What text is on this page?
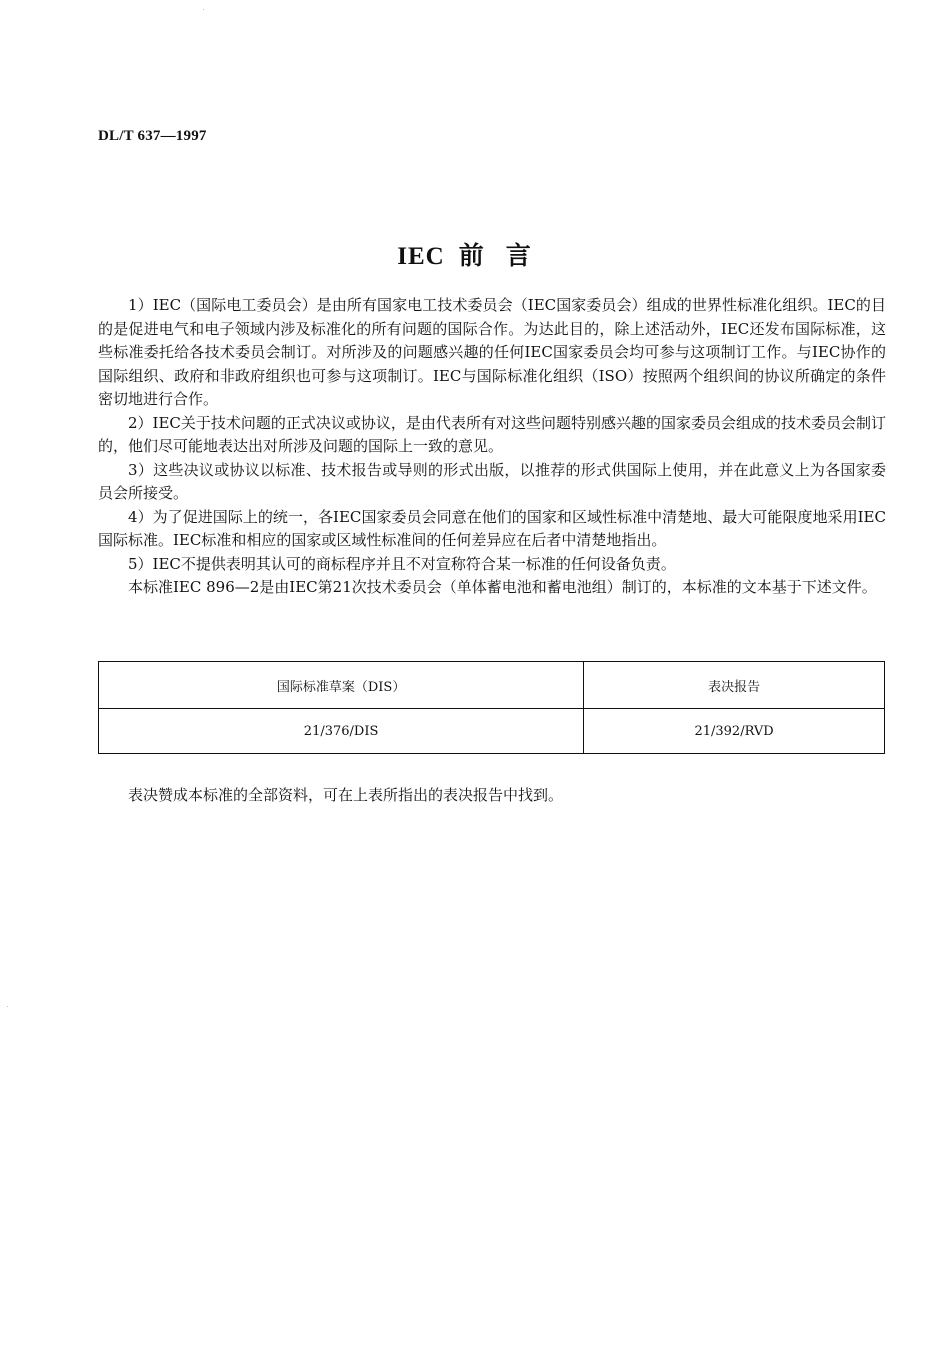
DL/T 637—1997
IEC 前言

1）IEC（国际电工委员会）是由所有国家电工技术委员会（IEC国家委员会）组成的世界性标准化组织。IEC的目的是促进电气和电子领域内涉及标准化的所有问题的国际合作。为达此目的，除上述活动外，IEC还发布国际标准，这些标准委托给各技术委员会制订。对所涉及的问题感兴趣的任何IEC国家委员会均可参与这项制订工作。与IEC协作的国际组织、政府和非政府组织也可参与这项制订。IEC与国际标准化组织（ISO）按照两个组织间的协议所确定的条件密切地进行合作。

2）IEC关于技术问题的正式决议或协议，是由代表所有对这些问题特别感兴趣的国家委员会组成的技术委员会制订的，他们尽可能地表达出对所涉及问题的国际上一致的意见。

3）这些决议或协议以标准、技术报告或导则的形式出版，以推荐的形式供国际上使用，并在此意义上为各国家委员会所接受。

4）为了促进国际上的统一，各IEC国家委员会同意在他们的国家和区域性标准中清楚地、最大可能限度地采用IEC国际标准。IEC标准和相应的国家或区域性标准间的任何差异应在后者中清楚地指出。

5）IEC不提供表明其认可的商标程序并且不对宣称符合某一标准的任何设备负责。

本标准IEC 896—2是由IEC第21次技术委员会（单体蓄电池和蓄电池组）制订的，本标准的文本基于下述文件。

国际标准草案（DIS）	表决报告
21/376/DIS	21/392/RVD
表决赞成本标准的全部资料，可在上表所指出的表决报告中找到。
